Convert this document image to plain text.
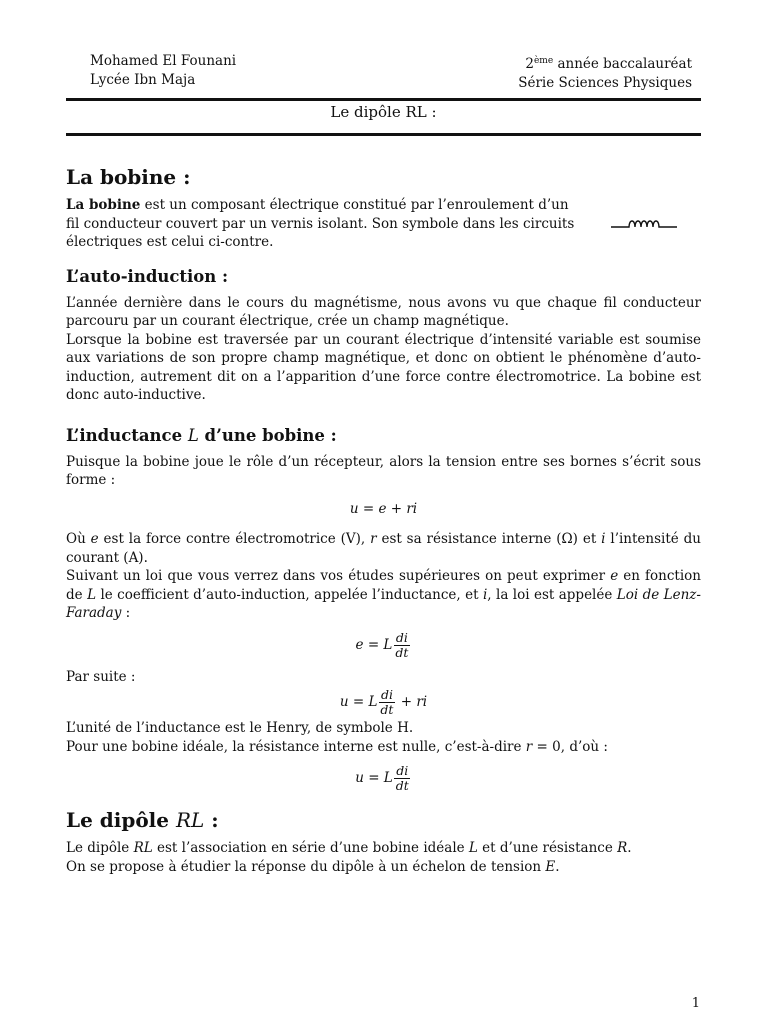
Mohamed El Founani
Lycée Ibn Maja
2ème année baccalauréat
Série Sciences Physiques
Le dipôle RL :
La bobine :

La bobine est un composant électrique constitué par l’enroulement d’un fil conducteur couvert par un vernis isolant. Son symbole dans les circuits électriques est celui ci-contre.

L’auto-induction :

L’année dernière dans le cours du magnétisme, nous avons vu que chaque fil conducteur parcouru par un courant électrique, crée un champ magnétique.

Lorsque la bobine est traversée par un courant électrique d’intensité variable est soumise aux variations de son propre champ magnétique, et donc on obtient le phénomène d’auto-induction, autrement dit on a l’apparition d’une force contre électromotrice. La bobine est donc auto-inductive.

L’inductance L d’une bobine :

Puisque la bobine joue le rôle d’un récepteur, alors la tension entre ses bornes s’écrit sous forme :

u = e + ri

Où e est la force contre électromotrice (V), r est sa résistance interne (Ω) et i l’intensité du courant (A).

Suivant un loi que vous verrez dans vos études supérieures on peut exprimer e en fonction de L le coefficient d’auto-induction, appelée l’inductance, et i, la loi est appelée Loi de Lenz-Faraday :

e = L $\frac{di}{dt}$

Par suite :

u = L $\frac{di}{dt}$ + ri

L’unité de l’inductance est le Henry, de symbole H.

Pour une bobine idéale, la résistance interne est nulle, c’est-à-dire r = 0, d’où :

u = L $\frac{di}{dt}$
Le dipôle RL :

Le dipôle RL est l’association en série d’une bobine idéale L et d’une résistance R.

On se propose à étudier la réponse du dipôle à un échelon de tension E.

1
